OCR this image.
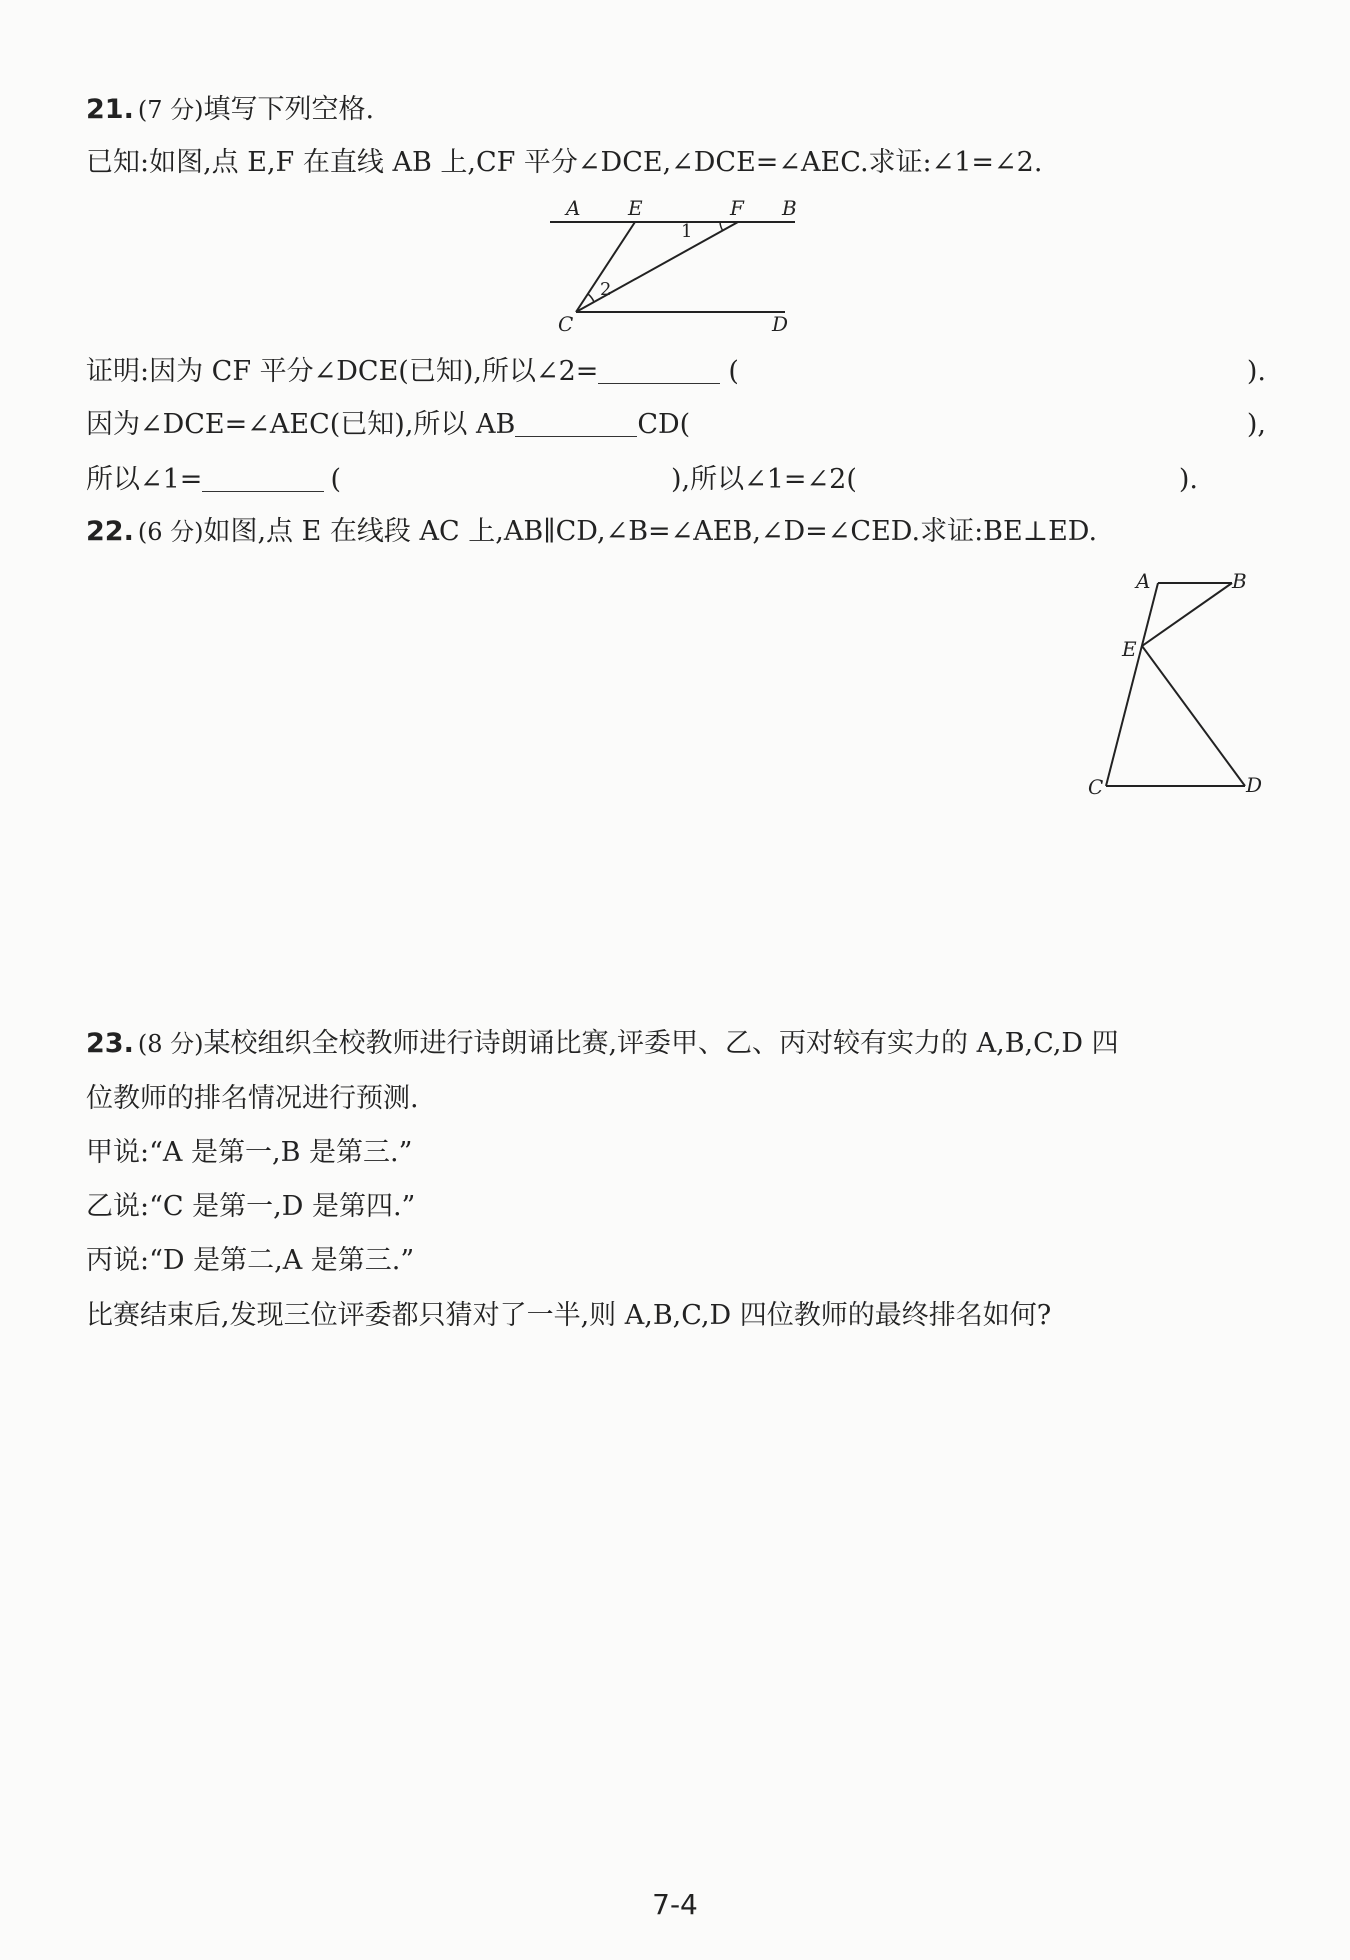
21. (7 分)填写下列空格.
已知:如图,点 E,F 在直线 AB 上,CF 平分∠DCE,∠DCE=∠AEC.求证:∠1=∠2.
A E	F B
C	D
1
2
证明:因为 CF 平分∠DCE(已知),所以∠2=	(	).
因为∠DCE=∠AEC(已知),所以 AB	CD(	),
所以∠1=	(	),所以∠1=∠2(	).
22. (6 分)如图,点 E 在线段 AC 上,AB∥CD,∠B=∠AEB,∠D=∠CED.求证:BE⊥ED.
A	B
E
C	D
23. (8 分)某校组织全校教师进行诗朗诵比赛,评委甲、乙、丙对较有实力的 A,B,C,D 四
位教师的排名情况进行预测.
甲说:“A 是第一,B 是第三.”
乙说:“C 是第一,D 是第四.”
丙说:“D 是第二,A 是第三.”
比赛结束后,发现三位评委都只猜对了一半,则 A,B,C,D 四位教师的最终排名如何?
7-4
